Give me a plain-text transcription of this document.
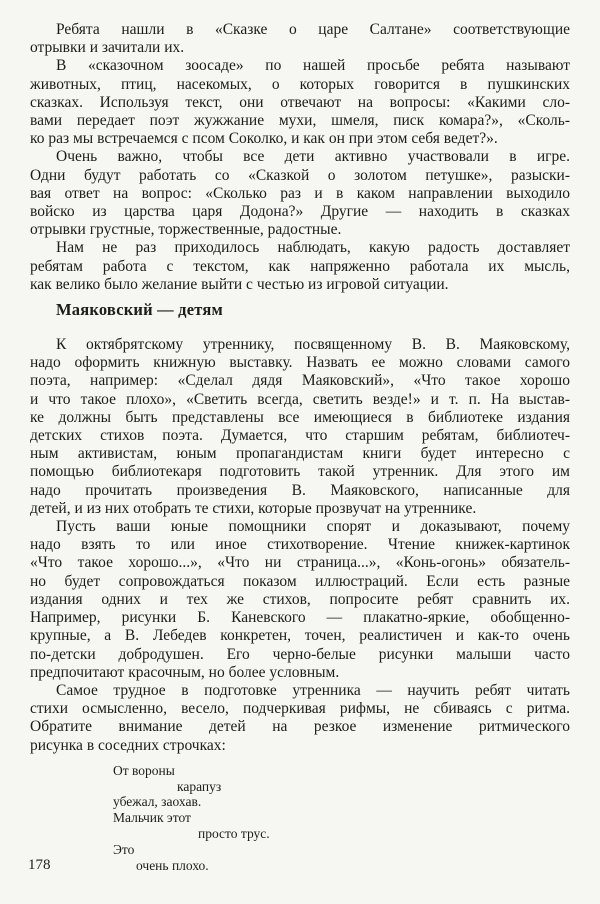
Ребята нашли в «Сказке о царе Салтане» соответствующие
отрывки и зачитали их.
В «сказочном зоосаде» по нашей просьбе ребята называют
животных, птиц, насекомых, о которых говорится в пушкинских
сказках. Используя текст, они отвечают на вопросы: «Какими сло-
вами передает поэт жужжание мухи, шмеля, писк комара?», «Сколь-
ко раз мы встречаемся с псом Соколко, и как он при этом себя ведет?».
Очень важно, чтобы все дети активно участвовали в игре.
Одни будут работать со «Сказкой о золотом петушке», разыски-
вая ответ на вопрос: «Сколько раз и в каком направлении выходило
войско из царства царя Додона?» Другие — находить в сказках
отрывки грустные, торжественные, радостные.
Нам не раз приходилось наблюдать, какую радость доставляет
ребятам работа с текстом, как напряженно работала их мысль,
как велико было желание выйти с честью из игровой ситуации.
Маяковский — детям
К октябрятскому утреннику, посвященному В. В. Маяковскому,
надо оформить книжную выставку. Назвать ее можно словами самого
поэта, например: «Сделал дядя Маяковский», «Что такое хорошо
и что такое плохо», «Светить всегда, светить везде!» и т. п. На выстав-
ке должны быть представлены все имеющиеся в библиотеке издания
детских стихов поэта. Думается, что старшим ребятам, библиотеч-
ным активистам, юным пропагандистам книги будет интересно с
помощью библиотекаря подготовить такой утренник. Для этого им
надо прочитать произведения В. Маяковского, написанные для
детей, и из них отобрать те стихи, которые прозвучат на утреннике.
Пусть ваши юные помощники спорят и доказывают, почему
надо взять то или иное стихотворение. Чтение книжек-картинок
«Что такое хорошо...», «Что ни страница...», «Конь-огонь» обязатель-
но будет сопровождаться показом иллюстраций. Если есть разные
издания одних и тех же стихов, попросите ребят сравнить их.
Например, рисунки Б. Каневского — плакатно-яркие, обобщенно-
крупные, а В. Лебедев конкретен, точен, реалистичен и как-то очень
по-детски добродушен. Его черно-белые рисунки малыши часто
предпочитают красочным, но более условным.
Самое трудное в подготовке утренника — научить ребят читать
стихи осмысленно, весело, подчеркивая рифмы, не сбиваясь с ритма.
Обратите внимание детей на резкое изменение ритмического
рисунка в соседних строчках:
От вороны
карапуз
убежал, заохав.
Мальчик этот
просто трус.
Это
очень плохо.
178
